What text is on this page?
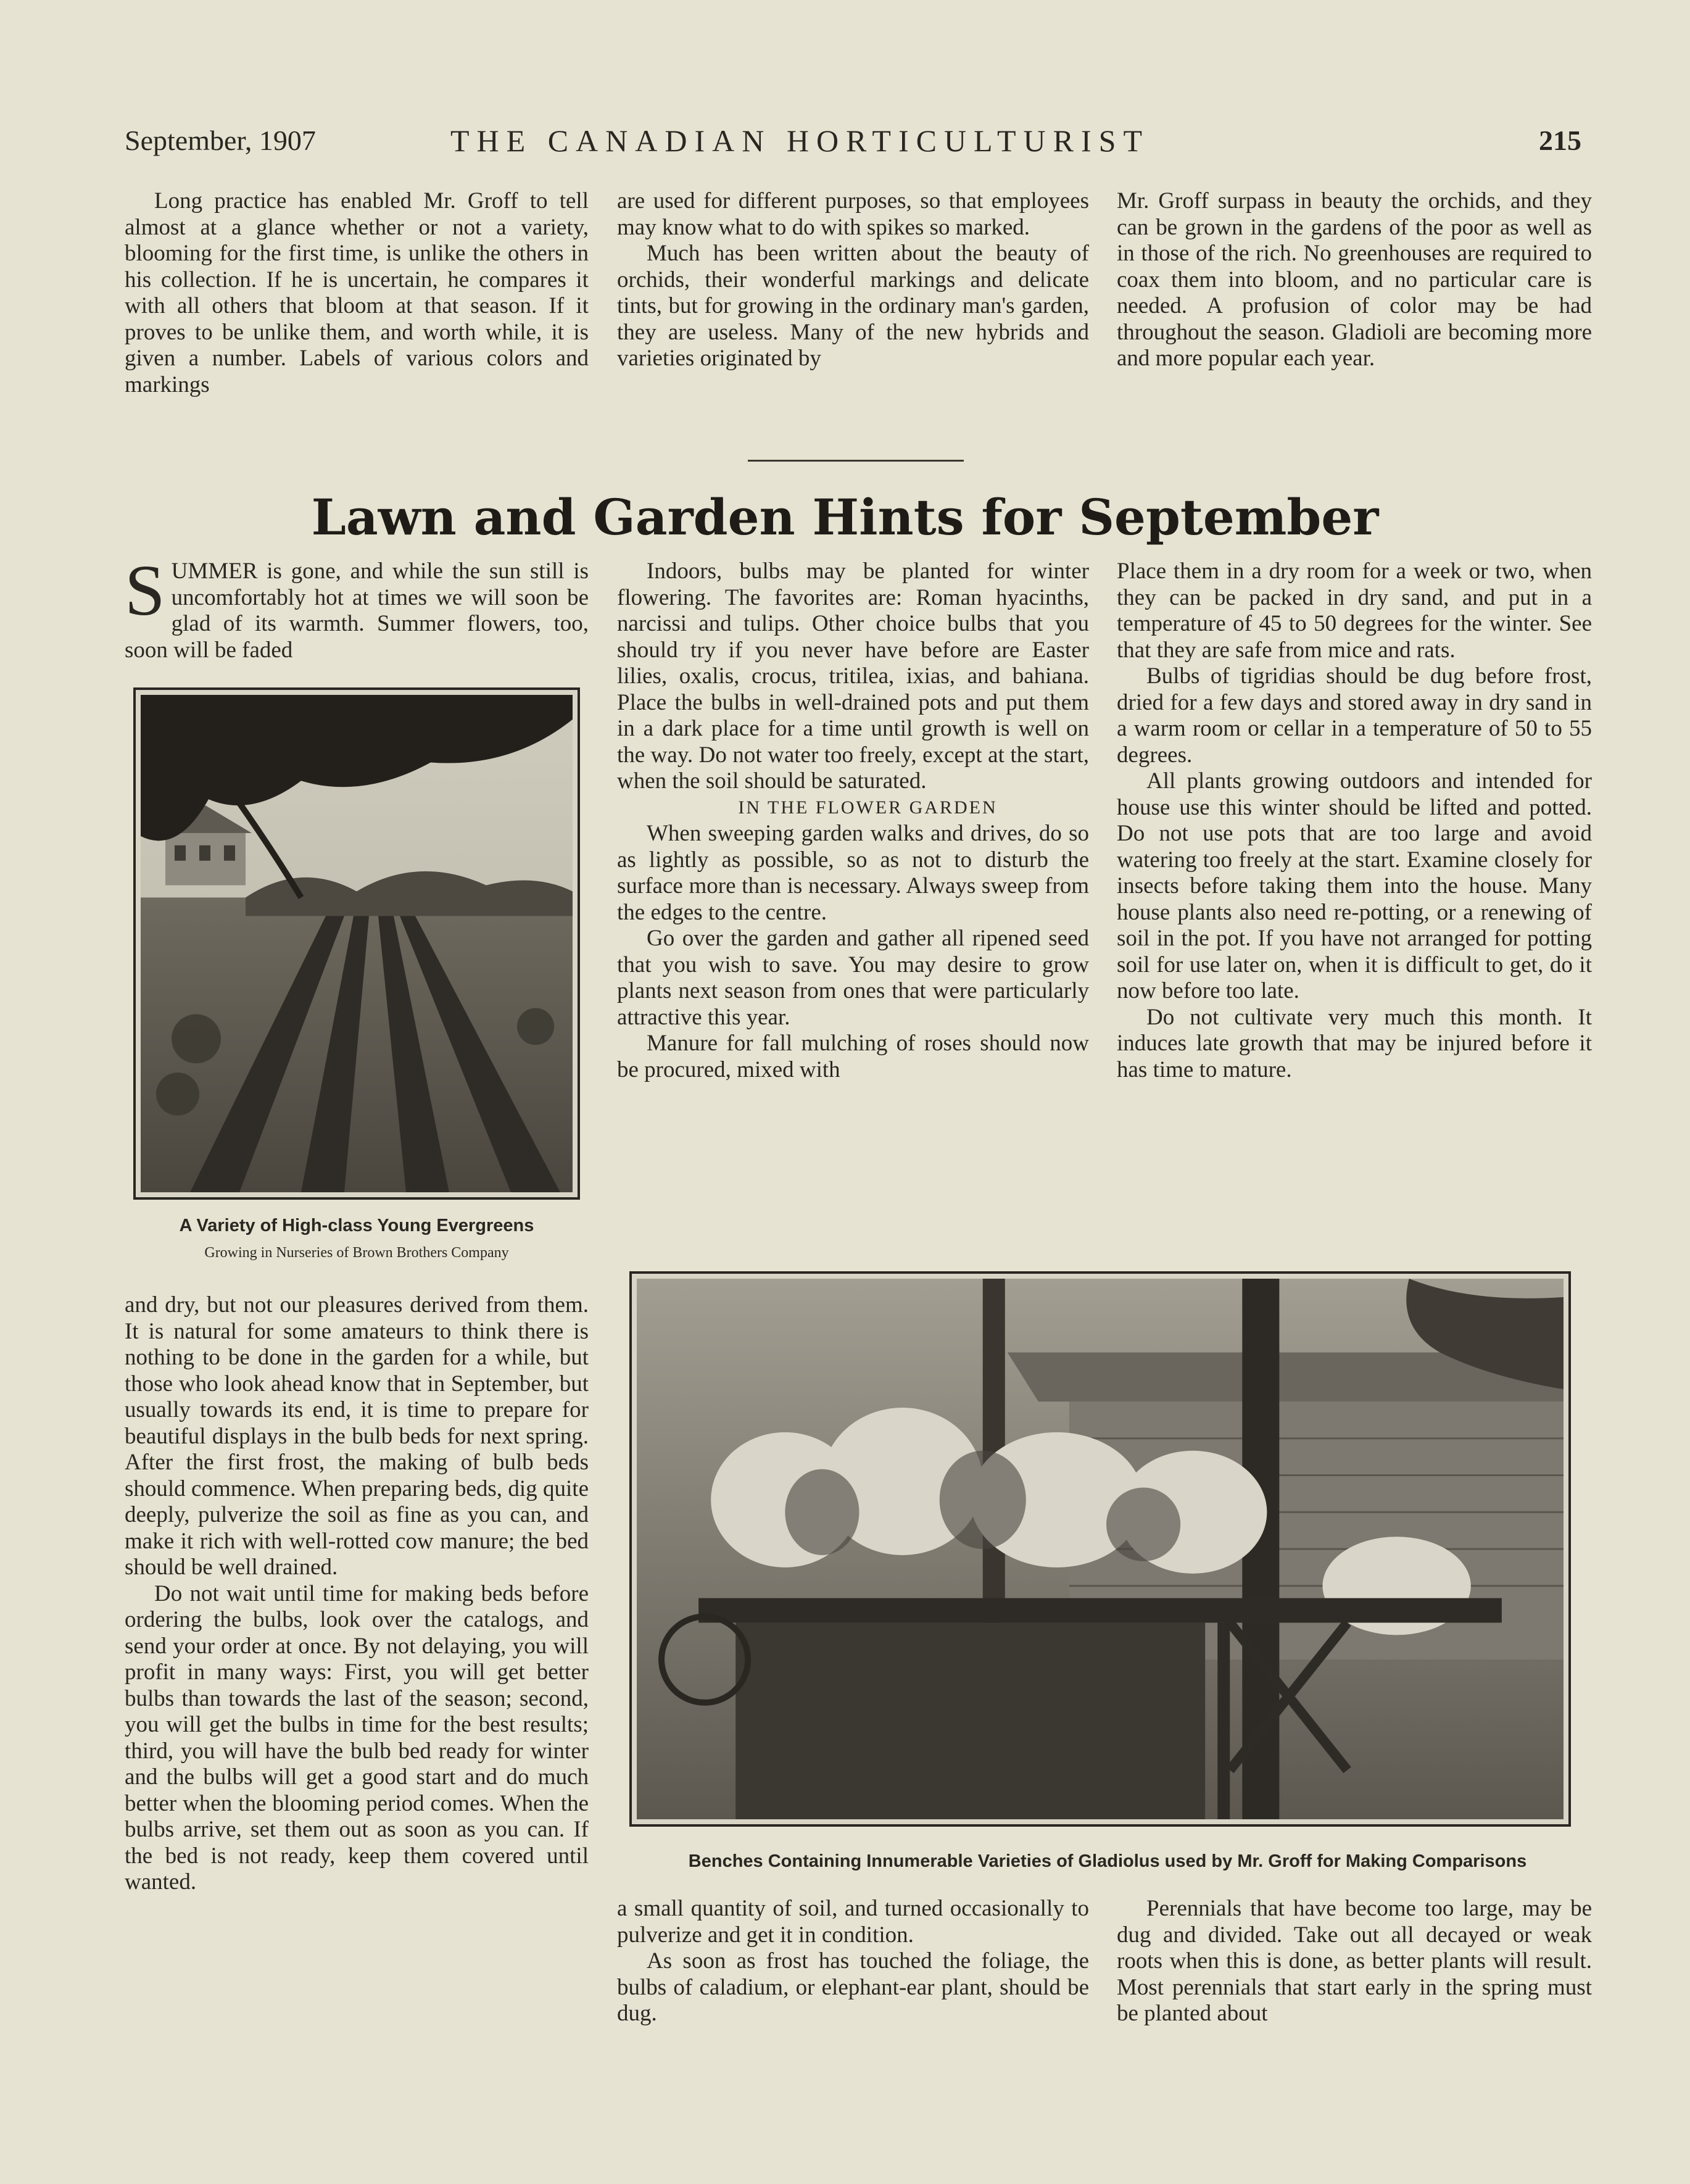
September, 1907	THE CANADIAN HORTICULTURIST	215

Long practice has enabled Mr. Groff to tell almost at a glance whether or not a variety, blooming for the first time, is unlike the others in his collection. If he is uncertain, he compares it with all others that bloom at that season. If it proves to be unlike them, and worth while, it is given a number. Labels of various colors and markings

are used for different purposes, so that employees may know what to do with spikes so marked.

Much has been written about the beauty of orchids, their wonderful markings and delicate tints, but for growing in the ordinary man's garden, they are useless. Many of the new hybrids and varieties originated by

Mr. Groff surpass in beauty the orchids, and they can be grown in the gardens of the poor as well as in those of the rich. No greenhouses are required to coax them into bloom, and no particular care is needed. A profusion of color may be had throughout the season. Gladioli are becoming more and more popular each year.

Lawn and Garden Hints for September

SUMMER is gone, and while the sun still is uncomfortably hot at times we will soon be glad of its warmth. Summer flowers, too, soon will be faded

A Variety of High-class Young Evergreens
Growing in Nurseries of Brown Brothers Company

and dry, but not our pleasures derived from them. It is natural for some amateurs to think there is nothing to be done in the garden for a while, but those who look ahead know that in September, but usually towards its end, it is time to prepare for beautiful displays in the bulb beds for next spring. After the first frost, the making of bulb beds should commence. When preparing beds, dig quite deeply, pulverize the soil as fine as you can, and make it rich with well-rotted cow manure; the bed should be well drained.

Do not wait until time for making beds before ordering the bulbs, look over the catalogs, and send your order at once. By not delaying, you will profit in many ways: First, you will get better bulbs than towards the last of the season; second, you will get the bulbs in time for the best results; third, you will have the bulb bed ready for winter and the bulbs will get a good start and do much better when the blooming period comes. When the bulbs arrive, set them out as soon as you can. If the bed is not ready, keep them covered until wanted.

Indoors, bulbs may be planted for winter flowering. The favorites are: Roman hyacinths, narcissi and tulips. Other choice bulbs that you should try if you never have before are Easter lilies, oxalis, crocus, tritilea, ixias, and bahiana. Place the bulbs in well-drained pots and put them in a dark place for a time until growth is well on the way. Do not water too freely, except at the start, when the soil should be saturated.

IN THE FLOWER GARDEN

When sweeping garden walks and drives, do so as lightly as possible, so as not to disturb the surface more than is necessary. Always sweep from the edges to the centre.

Go over the garden and gather all ripened seed that you wish to save. You may desire to grow plants next season from ones that were particularly attractive this year.

Manure for fall mulching of roses should now be procured, mixed with

Place them in a dry room for a week or two, when they can be packed in dry sand, and put in a temperature of 45 to 50 degrees for the winter. See that they are safe from mice and rats.

Bulbs of tigridias should be dug before frost, dried for a few days and stored away in dry sand in a warm room or cellar in a temperature of 50 to 55 degrees.

All plants growing outdoors and intended for house use this winter should be lifted and potted. Do not use pots that are too large and avoid watering too freely at the start. Examine closely for insects before taking them into the house. Many house plants also need re-potting, or a renewing of soil in the pot. If you have not arranged for potting soil for use later on, when it is difficult to get, do it now before too late.

Do not cultivate very much this month. It induces late growth that may be injured before it has time to mature.

Benches Containing Innumerable Varieties of Gladiolus used by Mr. Groff for Making Comparisons

a small quantity of soil, and turned occasionally to pulverize and get it in condition.

As soon as frost has touched the foliage, the bulbs of caladium, or elephant-ear plant, should be dug.

Perennials that have become too large, may be dug and divided. Take out all decayed or weak roots when this is done, as better plants will result. Most perennials that start early in the spring must be planted about
